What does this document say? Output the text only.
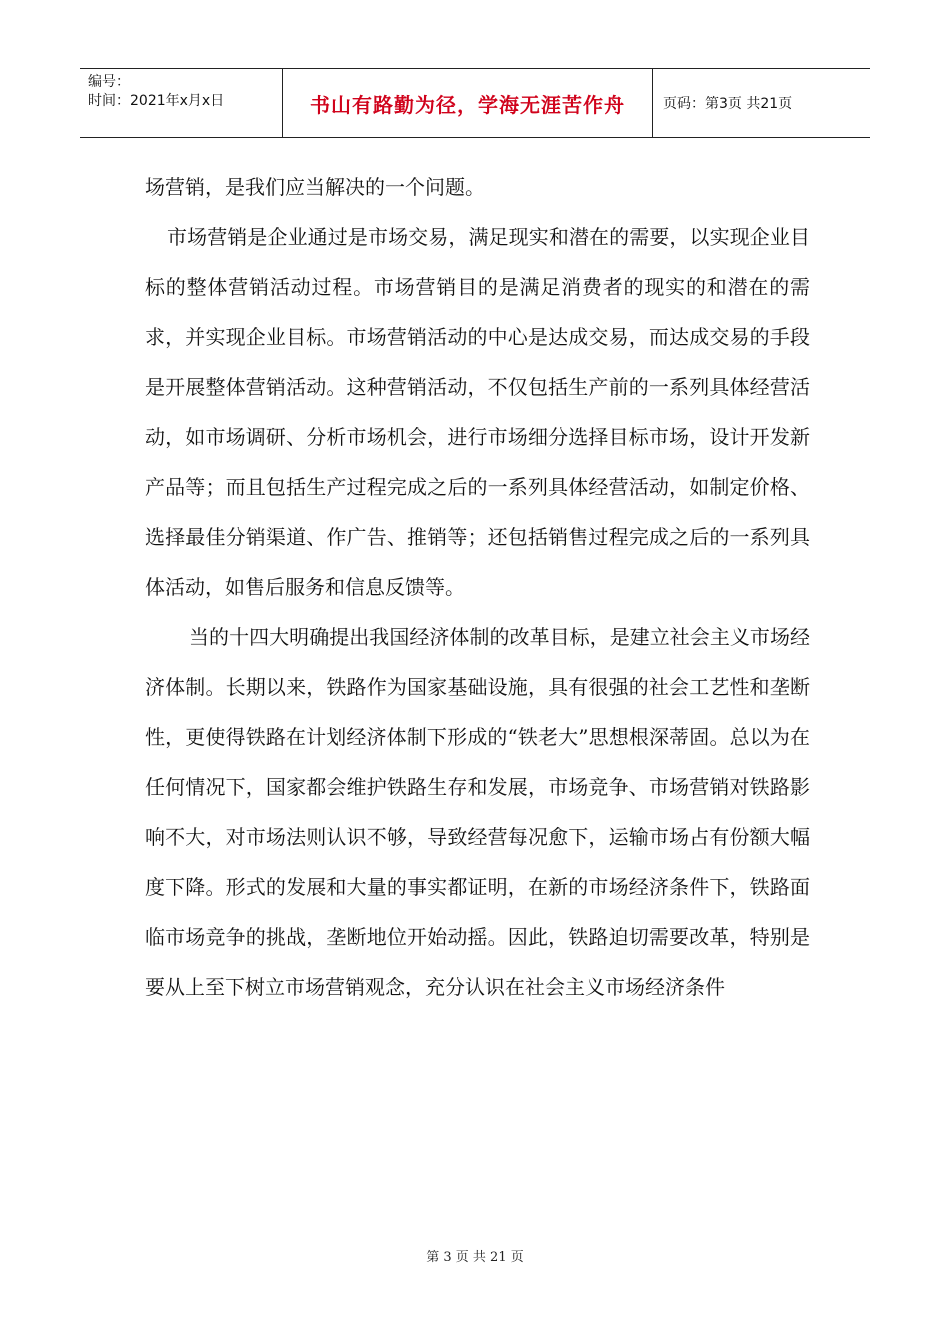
编号：
时间：2021年x月x日	书山有路勤为径，学海无涯苦作舟	页码：第3页 共21页

场营销，是我们应当解决的一个问题。

市场营销是企业通过是市场交易，满足现实和潜在的需要，以实现企业目标的整体营销活动过程。市场营销目的是满足消费者的现实的和潜在的需求，并实现企业目标。市场营销活动的中心是达成交易，而达成交易的手段是开展整体营销活动。这种营销活动，不仅包括生产前的一系列具体经营活动，如市场调研、分析市场机会，进行市场细分选择目标市场，设计开发新产品等；而且包括生产过程完成之后的一系列具体经营活动，如制定价格、选择最佳分销渠道、作广告、推销等；还包括销售过程完成之后的一系列具体活动，如售后服务和信息反馈等。

当的十四大明确提出我国经济体制的改革目标，是建立社会主义市场经济体制。长期以来，铁路作为国家基础设施，具有很强的社会工艺性和垄断性，更使得铁路在计划经济体制下形成的“铁老大”思想根深蒂固。总以为在任何情况下，国家都会维护铁路生存和发展，市场竞争、市场营销对铁路影响不大，对市场法则认识不够，导致经营每况愈下，运输市场占有份额大幅度下降。形式的发展和大量的事实都证明，在新的市场经济条件下，铁路面临市场竞争的挑战，垄断地位开始动摇。因此，铁路迫切需要改革，特别是要从上至下树立市场营销观念，充分认识在社会主义市场经济条件

第 3 页 共 21 页
